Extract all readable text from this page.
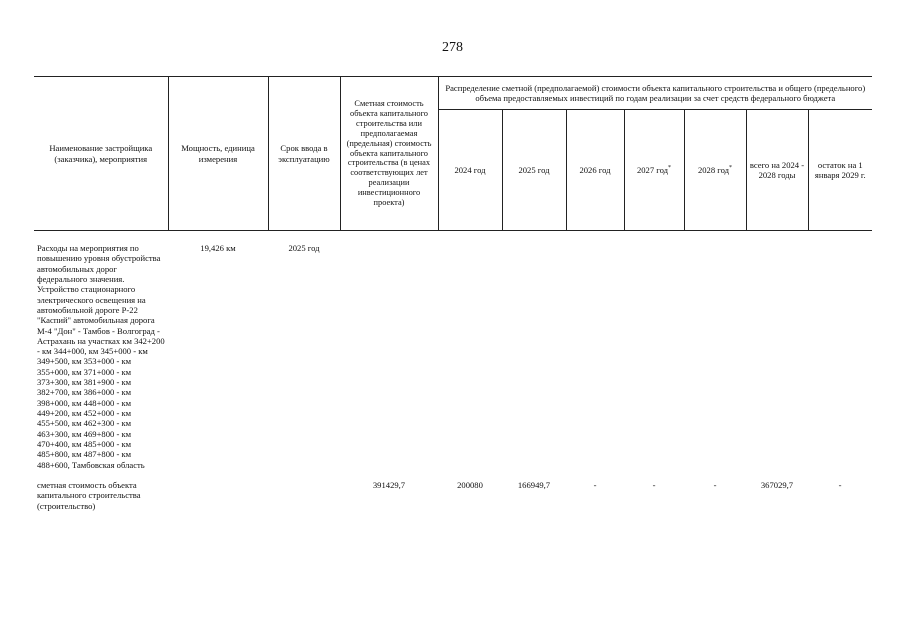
278
Наименование застройщика (заказчика), мероприятия	Мощность, единица измерения	Срок ввода в эксплуатацию	Сметная стоимость объекта капитального строительства или предполагаемая (предельная) стоимость объекта капитального строительства (в ценах соответствующих лет реализации инвестиционного проекта)	Распределение сметной (предполагаемой) стоимости объекта капитального строительства и общего (предельного) объема предоставляемых инвестиций по годам реализации за счет средств федерального бюджета						
				2024 год	2025 год	2026 год	2027 год*	2028 год*	всего на 2024 - 2028 годы	остаток на 1 января 2029 г.
Расходы на мероприятия по повышению уровня обустройства автомобильных дорог федерального значения. Устройство стационарного электрического освещения на автомобильной дороге Р-22 "Каспий" автомобильная дорога М-4 "Дон" - Тамбов - Волгоград - Астрахань на участках км 342+200 - км 344+000, км 345+000 - км 349+500, км 353+000 - км 355+000, км 371+000 - км 373+300, км 381+900 - км 382+700, км 386+000 - км 398+000, км 448+000 - км 449+200, км 452+000 - км 455+500, км 462+300 - км 463+300, км 469+800 - км 470+400, км 485+000 - км 485+800, км 487+800 - км 488+600, Тамбовская область	19,426 км	2025 год								
сметная стоимость объекта капитального строительства (строительство)			391429,7	200080	166949,7	-	-	-	367029,7	-
